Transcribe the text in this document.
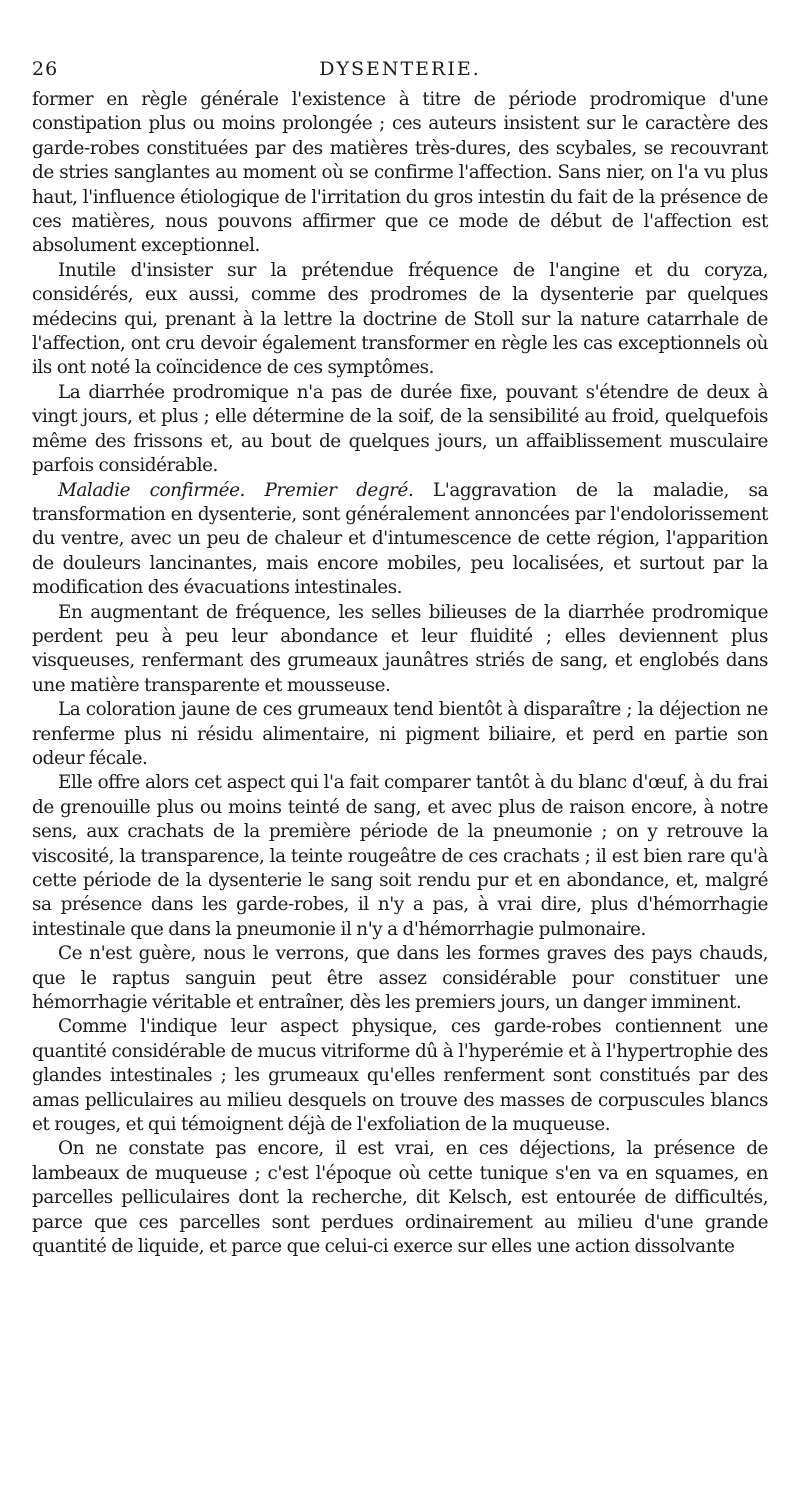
26	DYSENTERIE.

former en règle générale l'existence à titre de période prodromique d'une constipation plus ou moins prolongée ; ces auteurs insistent sur le caractère des garde-robes constituées par des matières très-dures, des scybales, se recouvrant de stries sanglantes au moment où se confirme l'affection. Sans nier, on l'a vu plus haut, l'influence étiologique de l'irritation du gros intestin du fait de la présence de ces matières, nous pouvons affirmer que ce mode de début de l'affection est absolument exceptionnel.

Inutile d'insister sur la prétendue fréquence de l'angine et du coryza, considérés, eux aussi, comme des prodromes de la dysenterie par quelques médecins qui, prenant à la lettre la doctrine de Stoll sur la nature catarrhale de l'affection, ont cru devoir également transformer en règle les cas exceptionnels où ils ont noté la coïncidence de ces symptômes.

La diarrhée prodromique n'a pas de durée fixe, pouvant s'étendre de deux à vingt jours, et plus ; elle détermine de la soif, de la sensibilité au froid, quelquefois même des frissons et, au bout de quelques jours, un affaiblissement musculaire parfois considérable.

Maladie confirmée. Premier degré. L'aggravation de la maladie, sa transformation en dysenterie, sont généralement annoncées par l'endolorissement du ventre, avec un peu de chaleur et d'intumescence de cette région, l'apparition de douleurs lancinantes, mais encore mobiles, peu localisées, et surtout par la modification des évacuations intestinales.

En augmentant de fréquence, les selles bilieuses de la diarrhée prodromique perdent peu à peu leur abondance et leur fluidité ; elles deviennent plus visqueuses, renfermant des grumeaux jaunâtres striés de sang, et englobés dans une matière transparente et mousseuse.

La coloration jaune de ces grumeaux tend bientôt à disparaître ; la déjection ne renferme plus ni résidu alimentaire, ni pigment biliaire, et perd en partie son odeur fécale.

Elle offre alors cet aspect qui l'a fait comparer tantôt à du blanc d'œuf, à du frai de grenouille plus ou moins teinté de sang, et avec plus de raison encore, à notre sens, aux crachats de la première période de la pneumonie ; on y retrouve la viscosité, la transparence, la teinte rougeâtre de ces crachats ; il est bien rare qu'à cette période de la dysenterie le sang soit rendu pur et en abondance, et, malgré sa présence dans les garde-robes, il n'y a pas, à vrai dire, plus d'hémorrhagie intestinale que dans la pneumonie il n'y a d'hémorrhagie pulmonaire.

Ce n'est guère, nous le verrons, que dans les formes graves des pays chauds, que le raptus sanguin peut être assez considérable pour constituer une hémorrhagie véritable et entraîner, dès les premiers jours, un danger imminent.

Comme l'indique leur aspect physique, ces garde-robes contiennent une quantité considérable de mucus vitriforme dû à l'hyperémie et à l'hypertrophie des glandes intestinales ; les grumeaux qu'elles renferment sont constitués par des amas pelliculaires au milieu desquels on trouve des masses de corpuscules blancs et rouges, et qui témoignent déjà de l'exfoliation de la muqueuse.

On ne constate pas encore, il est vrai, en ces déjections, la présence de lambeaux de muqueuse ; c'est l'époque où cette tunique s'en va en squames, en parcelles pelliculaires dont la recherche, dit Kelsch, est entourée de difficultés, parce que ces parcelles sont perdues ordinairement au milieu d'une grande quantité de liquide, et parce que celui-ci exerce sur elles une action dissolvante
